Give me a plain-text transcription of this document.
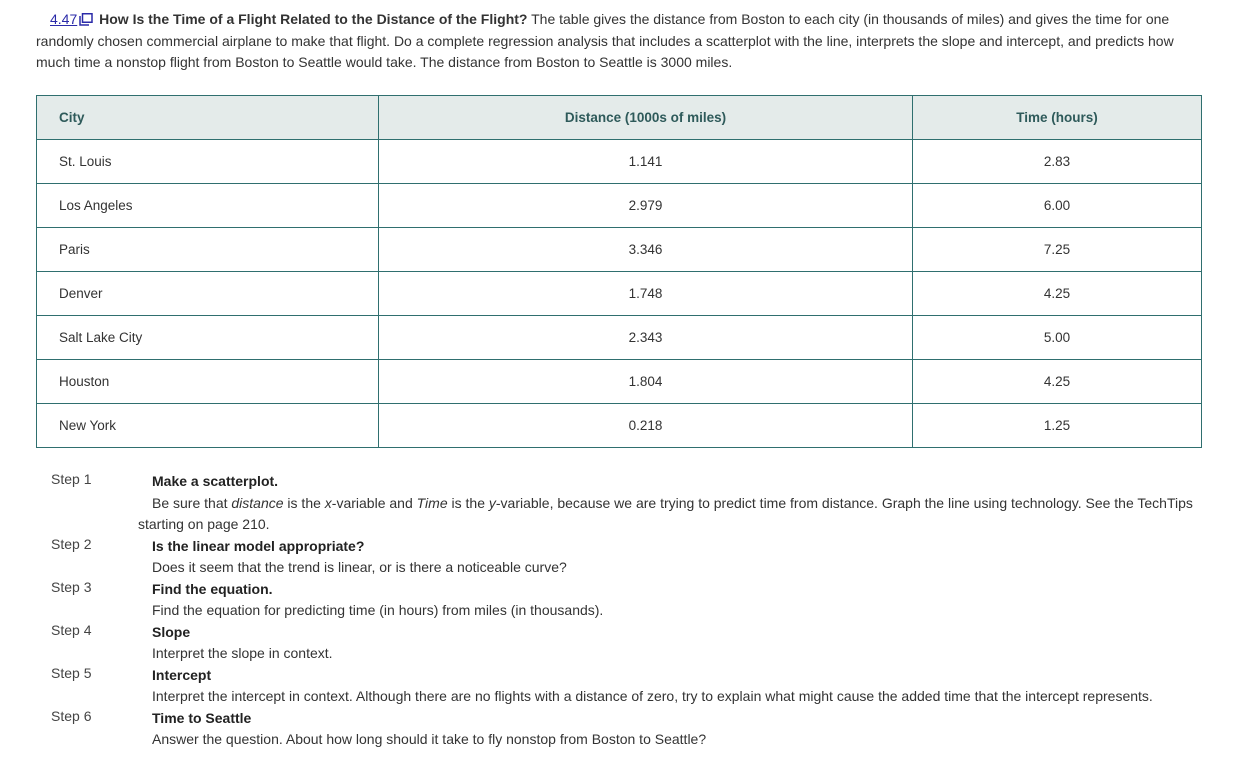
4.47 How Is the Time of a Flight Related to the Distance of the Flight? The table gives the distance from Boston to each city (in thousands of miles) and gives the time for one randomly chosen commercial airplane to make that flight. Do a complete regression analysis that includes a scatterplot with the line, interprets the slope and intercept, and predicts how much time a nonstop flight from Boston to Seattle would take. The distance from Boston to Seattle is 3000 miles.
City	Distance (1000s of miles)	Time (hours)
St. Louis	1.141	2.83
Los Angeles	2.979	6.00
Paris	3.346	7.25
Denver	1.748	4.25
Salt Lake City	2.343	5.00
Houston	1.804	4.25
New York	0.218	1.25
Step 1	Make a scatterplot.
Be sure that distance is the x-variable and Time is the y-variable, because we are trying to predict time from distance. Graph the line using technology. See the TechTips starting on page 210.
Step 2	Is the linear model appropriate?
Does it seem that the trend is linear, or is there a noticeable curve?
Step 3	Find the equation.
Find the equation for predicting time (in hours) from miles (in thousands).
Step 4	Slope
Interpret the slope in context.
Step 5	Intercept
Interpret the intercept in context. Although there are no flights with a distance of zero, try to explain what might cause the added time that the intercept represents.
Step 6	Time to Seattle
Answer the question. About how long should it take to fly nonstop from Boston to Seattle?
